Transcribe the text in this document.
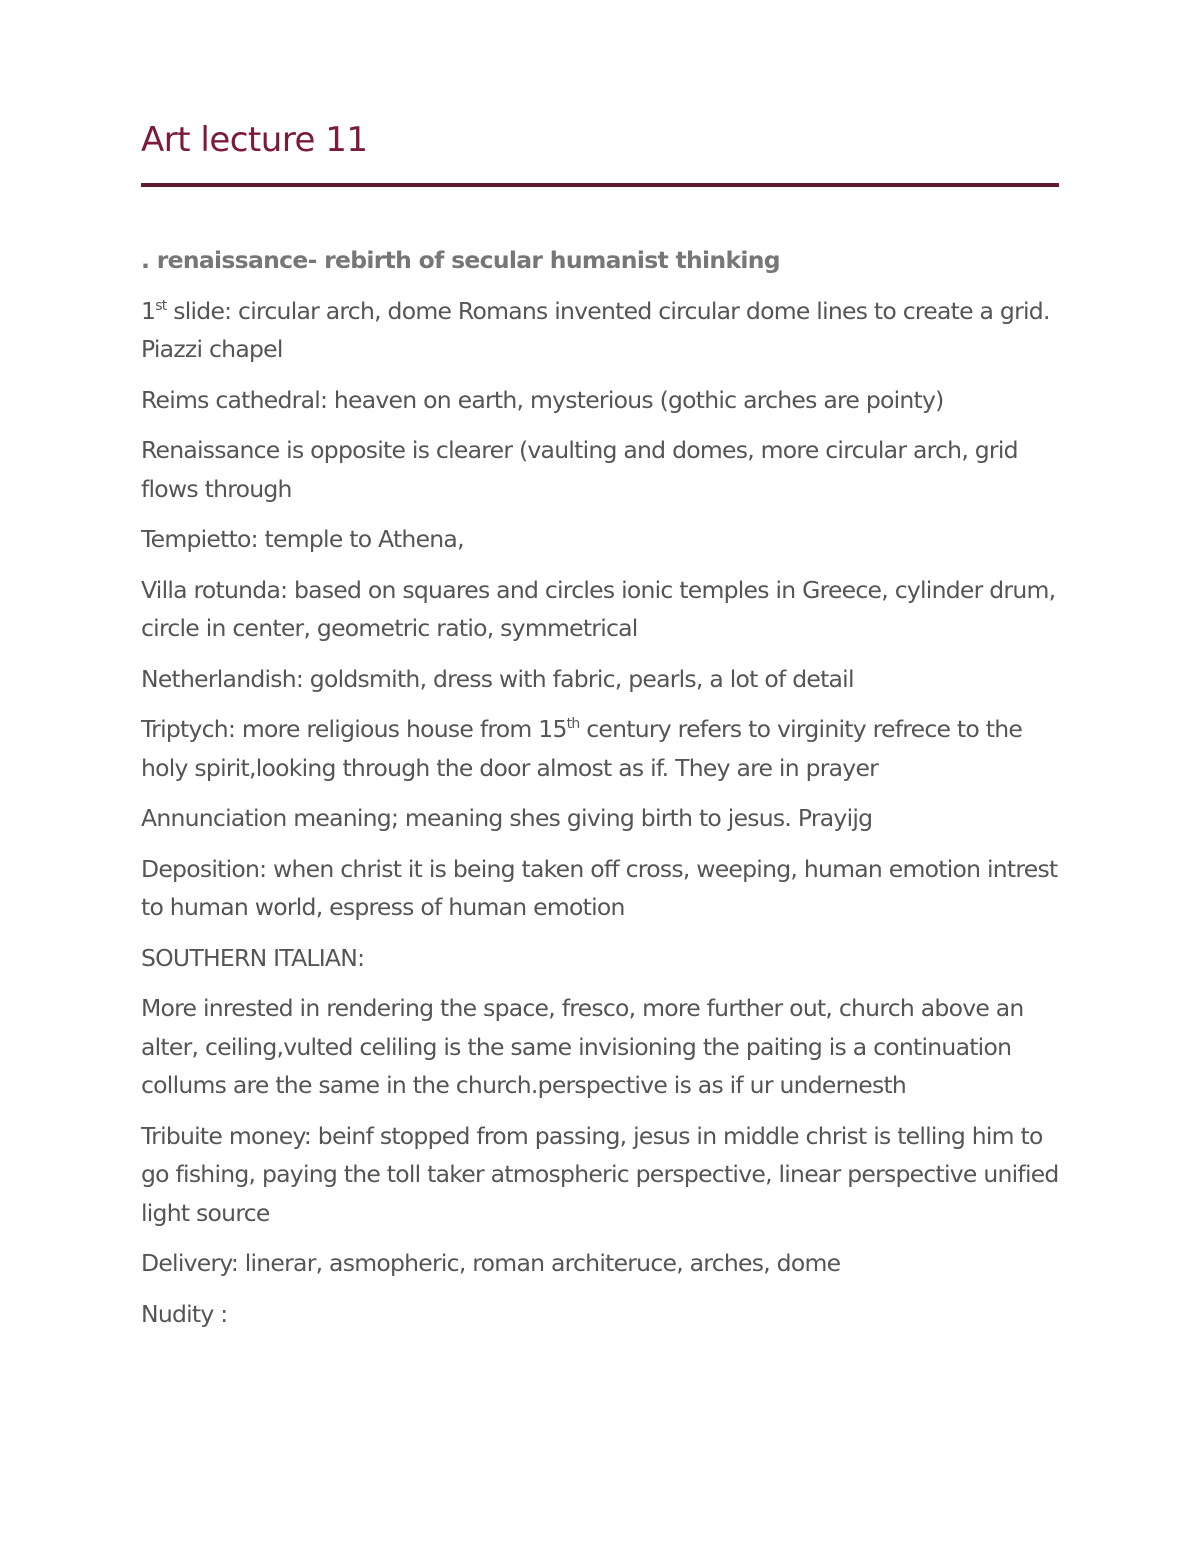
Art lecture 11

. renaissance- rebirth of secular humanist thinking

1st slide: circular arch, dome Romans invented circular dome lines to create a grid. Piazzi chapel

Reims cathedral: heaven on earth, mysterious (gothic arches are pointy)

Renaissance is opposite is clearer (vaulting and domes, more circular arch, grid flows through

Tempietto: temple to Athena,

Villa rotunda: based on squares and circles ionic temples in Greece, cylinder drum, circle in center, geometric ratio, symmetrical

Netherlandish: goldsmith, dress with fabric, pearls, a lot of detail

Triptych: more religious house from 15th century refers to virginity refrece to the holy spirit,looking through the door almost as if. They are in prayer

Annunciation meaning; meaning shes giving birth to jesus. Prayijg

Deposition: when christ it is being taken off cross, weeping, human emotion intrest to human world, espress of human emotion

SOUTHERN ITALIAN:

More inrested in rendering the space, fresco, more further out, church above an alter, ceiling,vulted celiling is the same invisioning the paiting is a continuation collums are the same in the church.perspective is as if ur undernesth

Tribuite money: beinf stopped from passing, jesus in middle christ is telling him to go fishing, paying the toll taker atmospheric perspective, linear perspective unified light source

Delivery: linerar, asmopheric, roman architeruce, arches, dome

Nudity :
